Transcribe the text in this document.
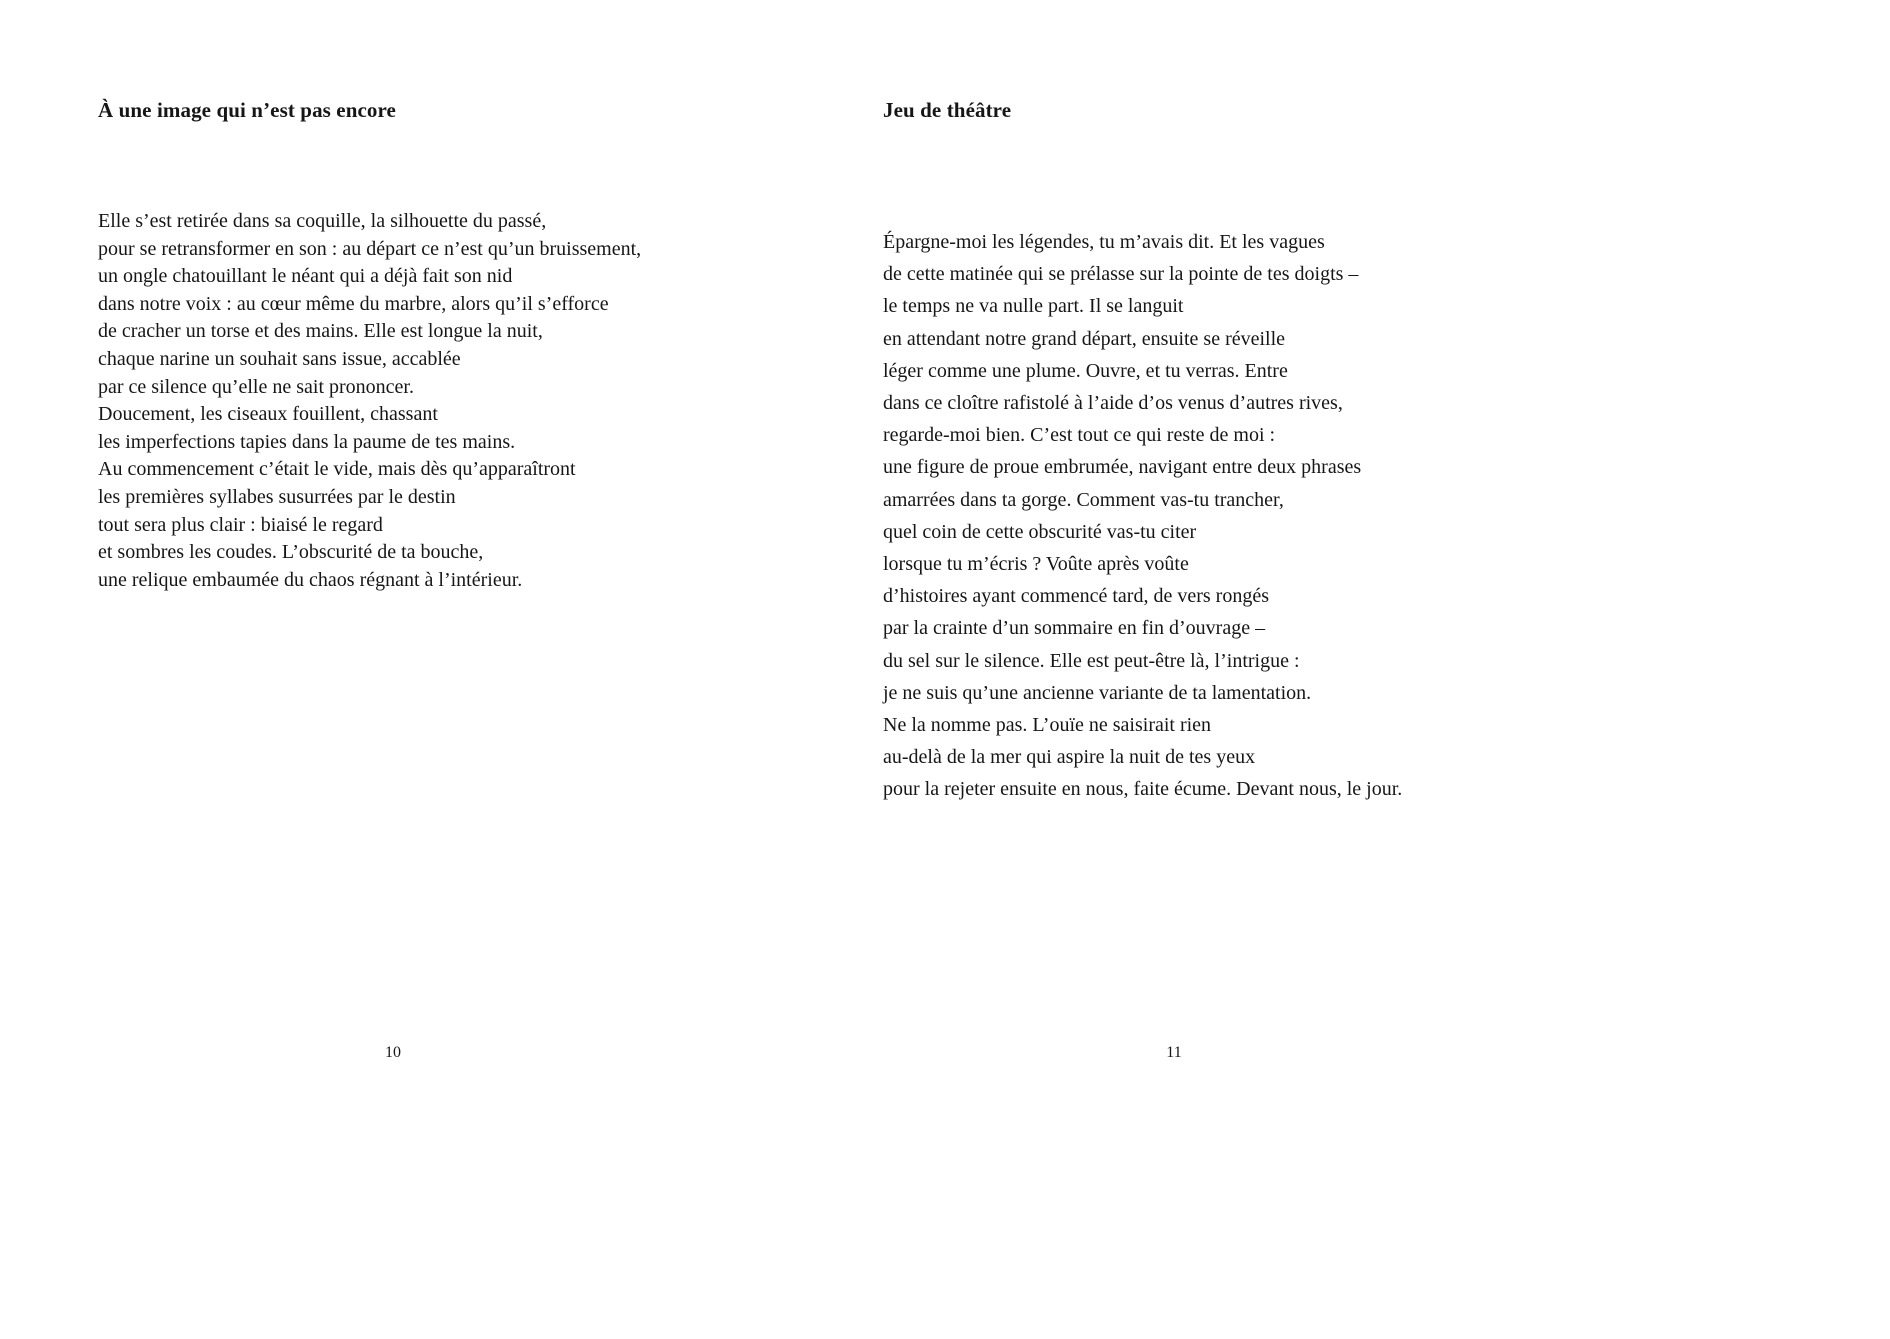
À une image qui n’est pas encore
Elle s’est retirée dans sa coquille, la silhouette du passé,
pour se retransformer en son : au départ ce n’est qu’un bruissement,
un ongle chatouillant le néant qui a déjà fait son nid
dans notre voix : au cœur même du marbre, alors qu’il s’efforce
de cracher un torse et des mains. Elle est longue la nuit,
chaque narine un souhait sans issue, accablée
par ce silence qu’elle ne sait prononcer.
Doucement, les ciseaux fouillent, chassant
les imperfections tapies dans la paume de tes mains.
Au commencement c’était le vide, mais dès qu’apparaîtront
les premières syllabes susurrées par le destin
tout sera plus clair : biaisé le regard
et sombres les coudes. L’obscurité de ta bouche,
une relique embaumée du chaos régnant à l’intérieur.
10
Jeu de théâtre
Épargne-moi les légendes, tu m’avais dit. Et les vagues
de cette matinée qui se prélasse sur la pointe de tes doigts –
le temps ne va nulle part. Il se languit
en attendant notre grand départ, ensuite se réveille
léger comme une plume. Ouvre, et tu verras. Entre
dans ce cloître rafistolé à l’aide d’os venus d’autres rives,
regarde-moi bien. C’est tout ce qui reste de moi :
une figure de proue embrumée, navigant entre deux phrases
amarrées dans ta gorge. Comment vas-tu trancher,
quel coin de cette obscurité vas-tu citer
lorsque tu m’écris ? Voûte après voûte
d’histoires ayant commencé tard, de vers rongés
par la crainte d’un sommaire en fin d’ouvrage –
du sel sur le silence. Elle est peut-être là, l’intrigue :
je ne suis qu’une ancienne variante de ta lamentation.
Ne la nomme pas. L’ouïe ne saisirait rien
au-delà de la mer qui aspire la nuit de tes yeux
pour la rejeter ensuite en nous, faite écume. Devant nous, le jour.
11
